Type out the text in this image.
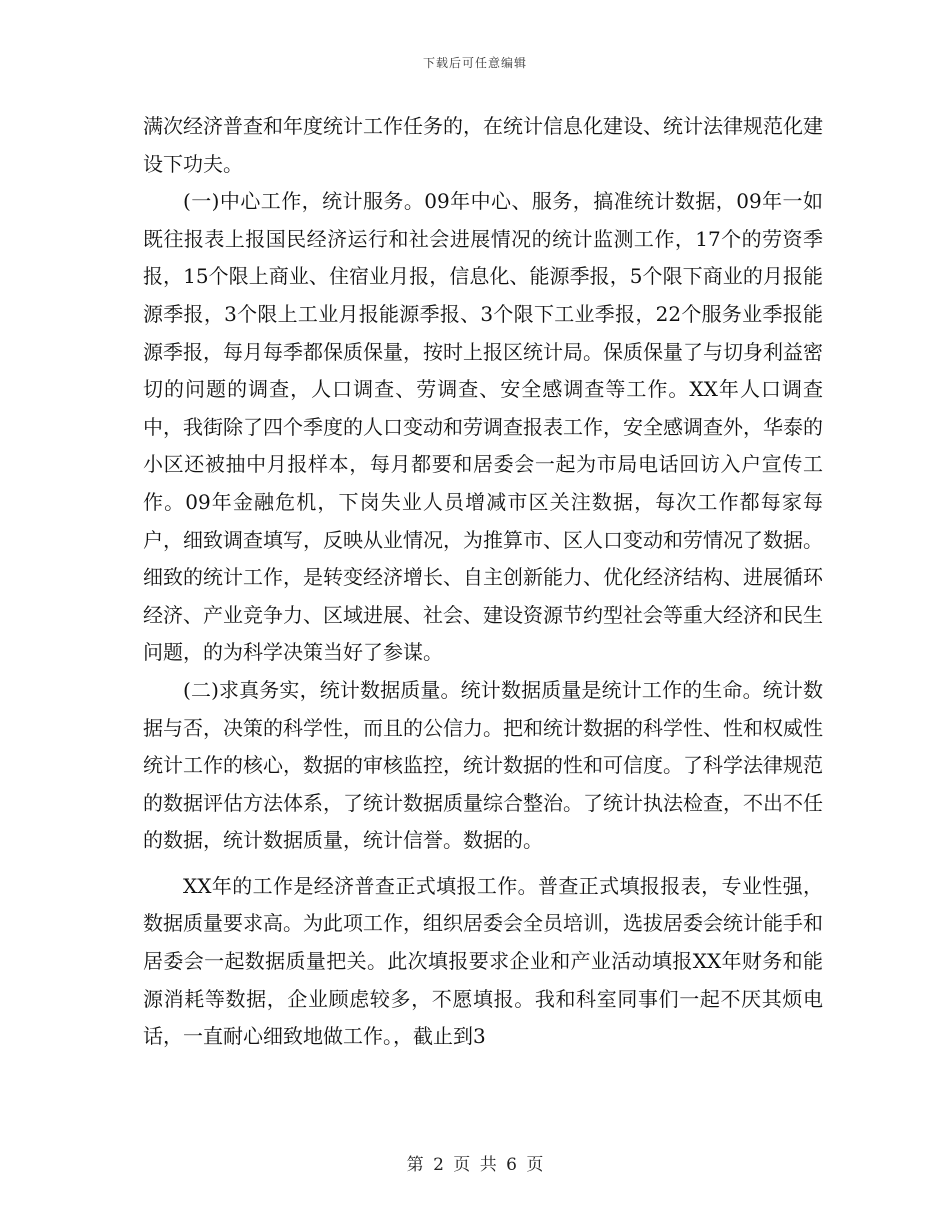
下载后可任意编辑

满次经济普查和年度统计工作任务的，在统计信息化建设、统计法律规范化建设下功夫。

(一)中心工作，统计服务。09年中心、服务，搞准统计数据，09年一如既往报表上报国民经济运行和社会进展情况的统计监测工作，17个的劳资季报，15个限上商业、住宿业月报，信息化、能源季报，5个限下商业的月报能源季报，3个限上工业月报能源季报、3个限下工业季报，22个服务业季报能源季报，每月每季都保质保量，按时上报区统计局。保质保量了与切身利益密切的问题的调查，人口调查、劳调查、安全感调查等工作。XX年人口调查中，我街除了四个季度的人口变动和劳调查报表工作，安全感调查外，华泰的小区还被抽中月报样本，每月都要和居委会一起为市局电话回访入户宣传工作。09年金融危机，下岗失业人员增减市区关注数据，每次工作都每家每户，细致调查填写，反映从业情况，为推算市、区人口变动和劳情况了数据。细致的统计工作，是转变经济增长、自主创新能力、优化经济结构、进展循环经济、产业竞争力、区域进展、社会、建设资源节约型社会等重大经济和民生问题，的为科学决策当好了参谋。

(二)求真务实，统计数据质量。统计数据质量是统计工作的生命。统计数据与否，决策的科学性，而且的公信力。把和统计数据的科学性、性和权威性统计工作的核心，数据的审核监控，统计数据的性和可信度。了科学法律规范的数据评估方法体系，了统计数据质量综合整治。了统计执法检查，不出不任的数据，统计数据质量，统计信誉。数据的。

XX年的工作是经济普查正式填报工作。普查正式填报报表，专业性强，数据质量要求高。为此项工作，组织居委会全员培训，选拔居委会统计能手和居委会一起数据质量把关。此次填报要求企业和产业活动填报XX年财务和能源消耗等数据，企业顾虑较多，不愿填报。我和科室同事们一起不厌其烦电话，一直耐心细致地做工作。，截止到3

第 2 页 共 6 页
